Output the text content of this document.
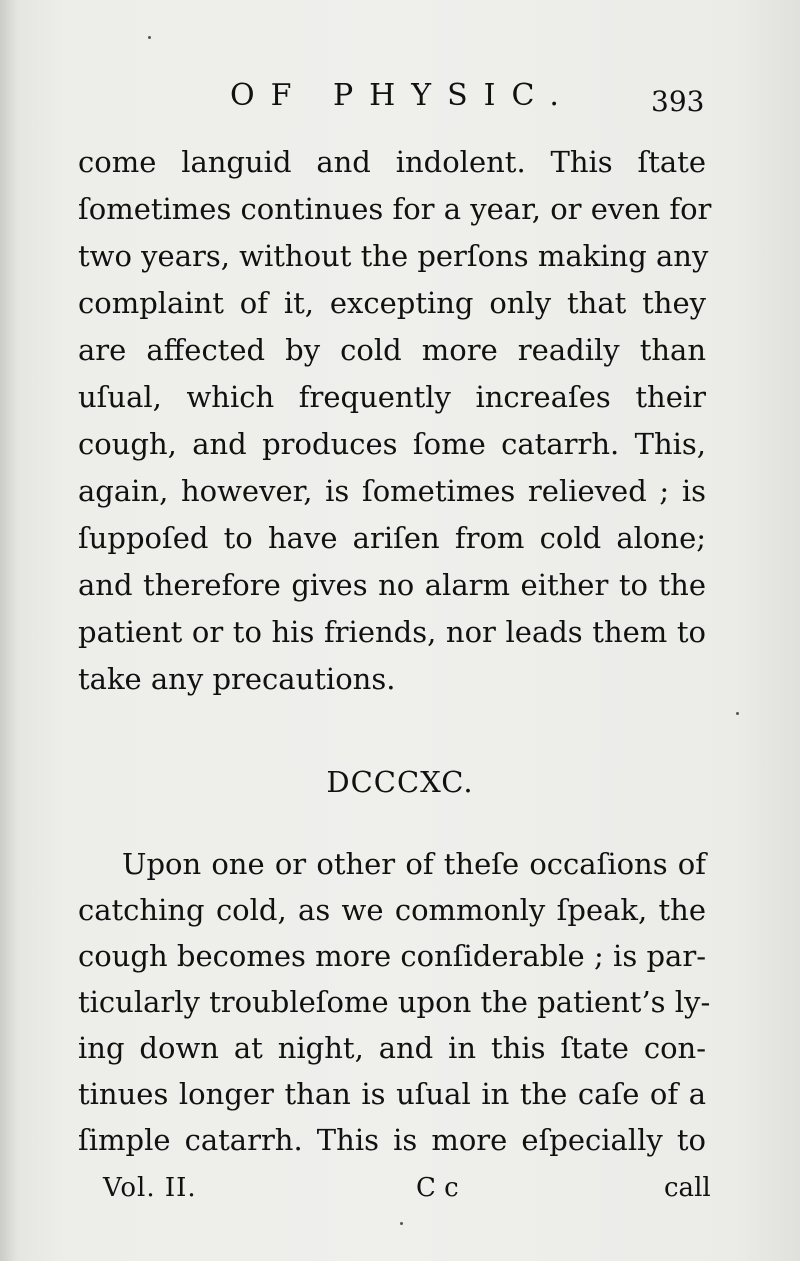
OF PHYSIC.	393
come languid and indolent. This ſtate
ſometimes continues for a year, or even for
two years, without the perſons making any
complaint of it, excepting only that they
are affected by cold more readily than
uſual, which frequently increaſes their
cough, and produces ſome catarrh. This,
again, however, is ſometimes relieved ; is
ſuppoſed to have ariſen from cold alone;
and therefore gives no alarm either to the
patient or to his friends, nor leads them to
take any precautions.
DCCCXC.
Upon one or other of theſe occaſions of
catching cold, as we commonly ſpeak, the
cough becomes more conſiderable ; is par-
ticularly troubleſome upon the patient’s ly-
ing down at night, and in this ſtate con-
tinues longer than is uſual in the caſe of a
ſimple catarrh. This is more eſpecially to
Vol. II.	C c	call
